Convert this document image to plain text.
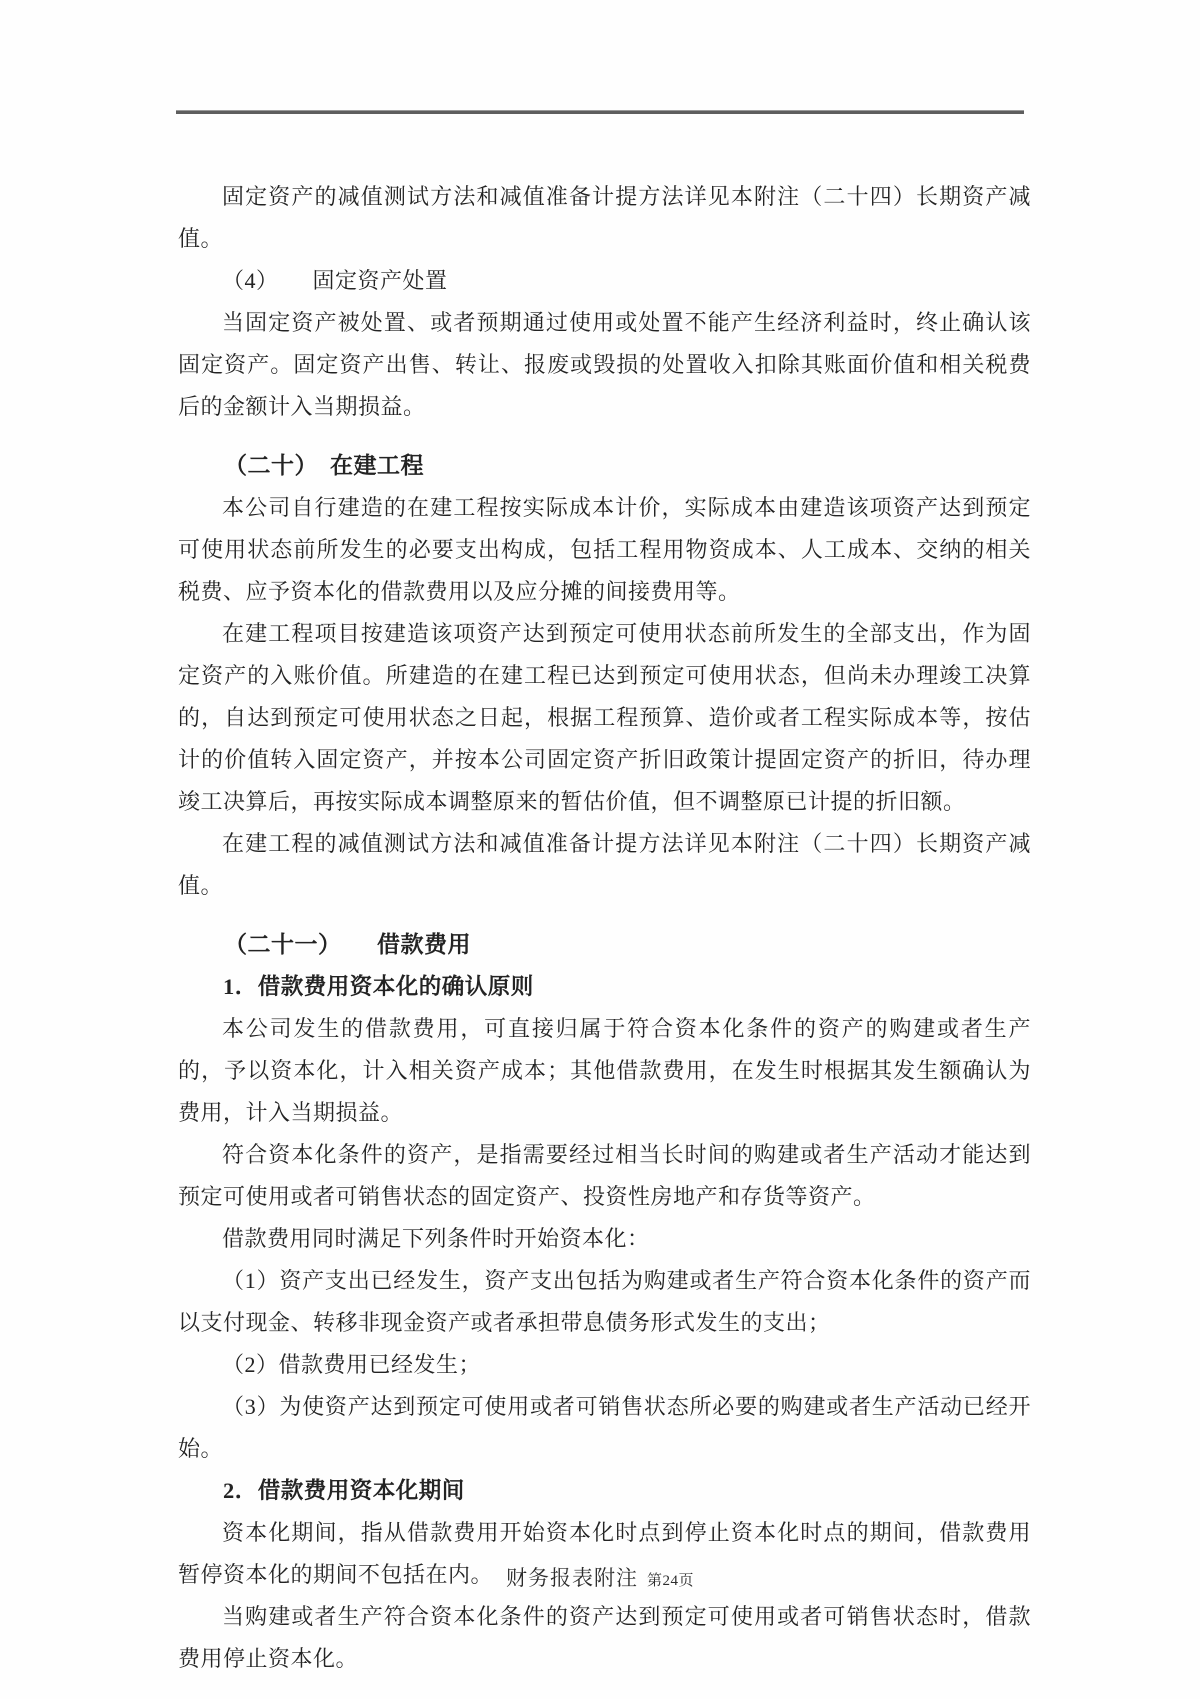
固定资产的减值测试方法和减值准备计提方法详见本附注（二十四）长期资产减值。

（4）　　固定资产处置

当固定资产被处置、或者预期通过使用或处置不能产生经济利益时，终止确认该固定资产。固定资产出售、转让、报废或毁损的处置收入扣除其账面价值和相关税费后的金额计入当期损益。

（二十）　在建工程

本公司自行建造的在建工程按实际成本计价，实际成本由建造该项资产达到预定可使用状态前所发生的必要支出构成，包括工程用物资成本、人工成本、交纳的相关税费、应予资本化的借款费用以及应分摊的间接费用等。

在建工程项目按建造该项资产达到预定可使用状态前所发生的全部支出，作为固定资产的入账价值。所建造的在建工程已达到预定可使用状态，但尚未办理竣工决算的，自达到预定可使用状态之日起，根据工程预算、造价或者工程实际成本等，按估计的价值转入固定资产，并按本公司固定资产折旧政策计提固定资产的折旧，待办理竣工决算后，再按实际成本调整原来的暂估价值，但不调整原已计提的折旧额。

在建工程的减值测试方法和减值准备计提方法详见本附注（二十四）长期资产减值。

（二十一）　　借款费用

1．借款费用资本化的确认原则

本公司发生的借款费用，可直接归属于符合资本化条件的资产的购建或者生产的，予以资本化，计入相关资产成本；其他借款费用，在发生时根据其发生额确认为费用，计入当期损益。

符合资本化条件的资产，是指需要经过相当长时间的购建或者生产活动才能达到预定可使用或者可销售状态的固定资产、投资性房地产和存货等资产。

借款费用同时满足下列条件时开始资本化：

（1）资产支出已经发生，资产支出包括为购建或者生产符合资本化条件的资产而以支付现金、转移非现金资产或者承担带息债务形式发生的支出；

（2）借款费用已经发生；

（3）为使资产达到预定可使用或者可销售状态所必要的购建或者生产活动已经开始。

2．借款费用资本化期间

资本化期间，指从借款费用开始资本化时点到停止资本化时点的期间，借款费用暂停资本化的期间不包括在内。

当购建或者生产符合资本化条件的资产达到预定可使用或者可销售状态时，借款费用停止资本化。

财务报表附注 第24页
